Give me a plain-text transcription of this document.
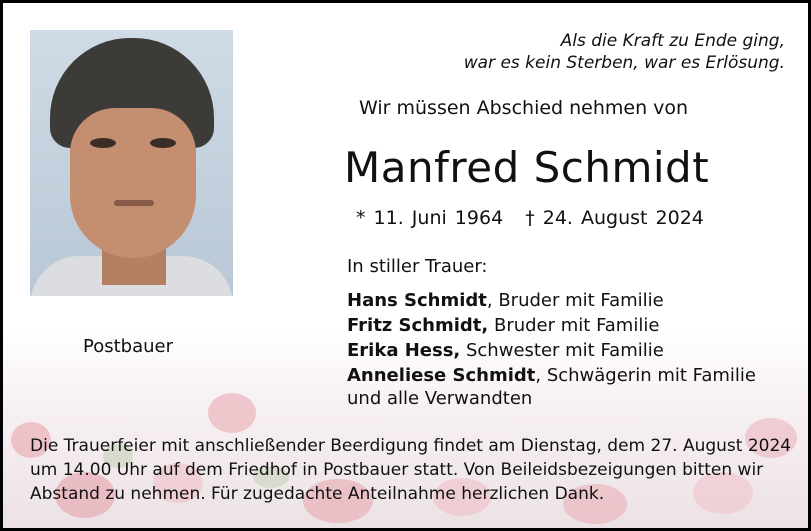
Postbauer
Als die Kraft zu Ende ging,
war es kein Sterben, war es Erlösung.
Wir müssen Abschied nehmen von
Manfred Schmidt
* 11. Juni 1964 † 24. August 2024
In stiller Trauer:
Hans Schmidt, Bruder mit Familie
Fritz Schmidt, Bruder mit Familie
Erika Hess, Schwester mit Familie
Anneliese Schmidt, Schwägerin mit Familie
und alle Verwandten
Die Trauerfeier mit anschließender Beerdigung findet am Dienstag, dem 27. August 2024
um 14.00 Uhr auf dem Friedhof in Postbauer statt. Von Beileidsbezeigungen bitten wir
Abstand zu nehmen. Für zugedachte Anteilnahme herzlichen Dank.
